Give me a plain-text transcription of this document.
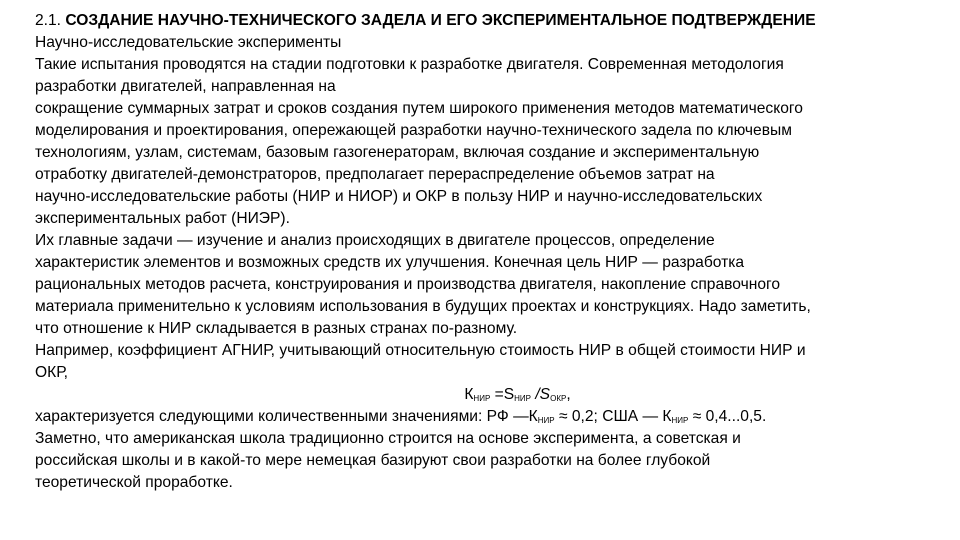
2.1. СОЗДАНИЕ НАУЧНО-ТЕХНИЧЕСКОГО ЗАДЕЛА И ЕГО ЭКСПЕРИМЕНТАЛЬНОЕ ПОДТВЕРЖДЕНИЕ
Научно-исследовательские эксперименты
Такие испытания проводятся на стадии подготовки к разработке двигателя. Современная методология
разработки двигателей, направленная на
сокращение суммарных затрат и сроков создания путем широкого применения методов математического
моделирования и проектирования, опережающей разработки научно-технического задела по ключевым
технологиям, узлам, системам, базовым газогенераторам, включая создание и экспериментальную
отработку двигателей-демонстраторов, предполагает перераспределение объемов затрат на
научно-исследовательские работы (НИР и НИОР) и ОКР в пользу НИР и научно-исследовательских
экспериментальных работ (НИЭР).
Их главные задачи — изучение и анализ происходящих в двигателе процессов, определение
характеристик элементов и возможных средств их улучшения. Конечная цель НИР — разработка
рациональных методов расчета, конструирования и производства двигателя, накопление справочного
материала применительно к условиям использования в будущих проектах и конструкциях. Надо заметить,
что отношение к НИР складывается в разных странах по-разному.
Например, коэффициент АГНИР, учитывающий относительную стоимость НИР в общей стоимости НИР и
ОКР,
$К_{НИР} =S_{НИР}$ $/S_{ОКР}$,
характеризуется следующими количественными значениями: РФ $—К_{НИР} \approx 0,2$; США — $К_{НИР} \approx 0,4...0,5$.
Заметно, что американская школа традиционно строится на основе эксперимента, а советская и
российская школы и в какой-то мере немецкая базируют свои разработки на более глубокой
теоретической проработке.
